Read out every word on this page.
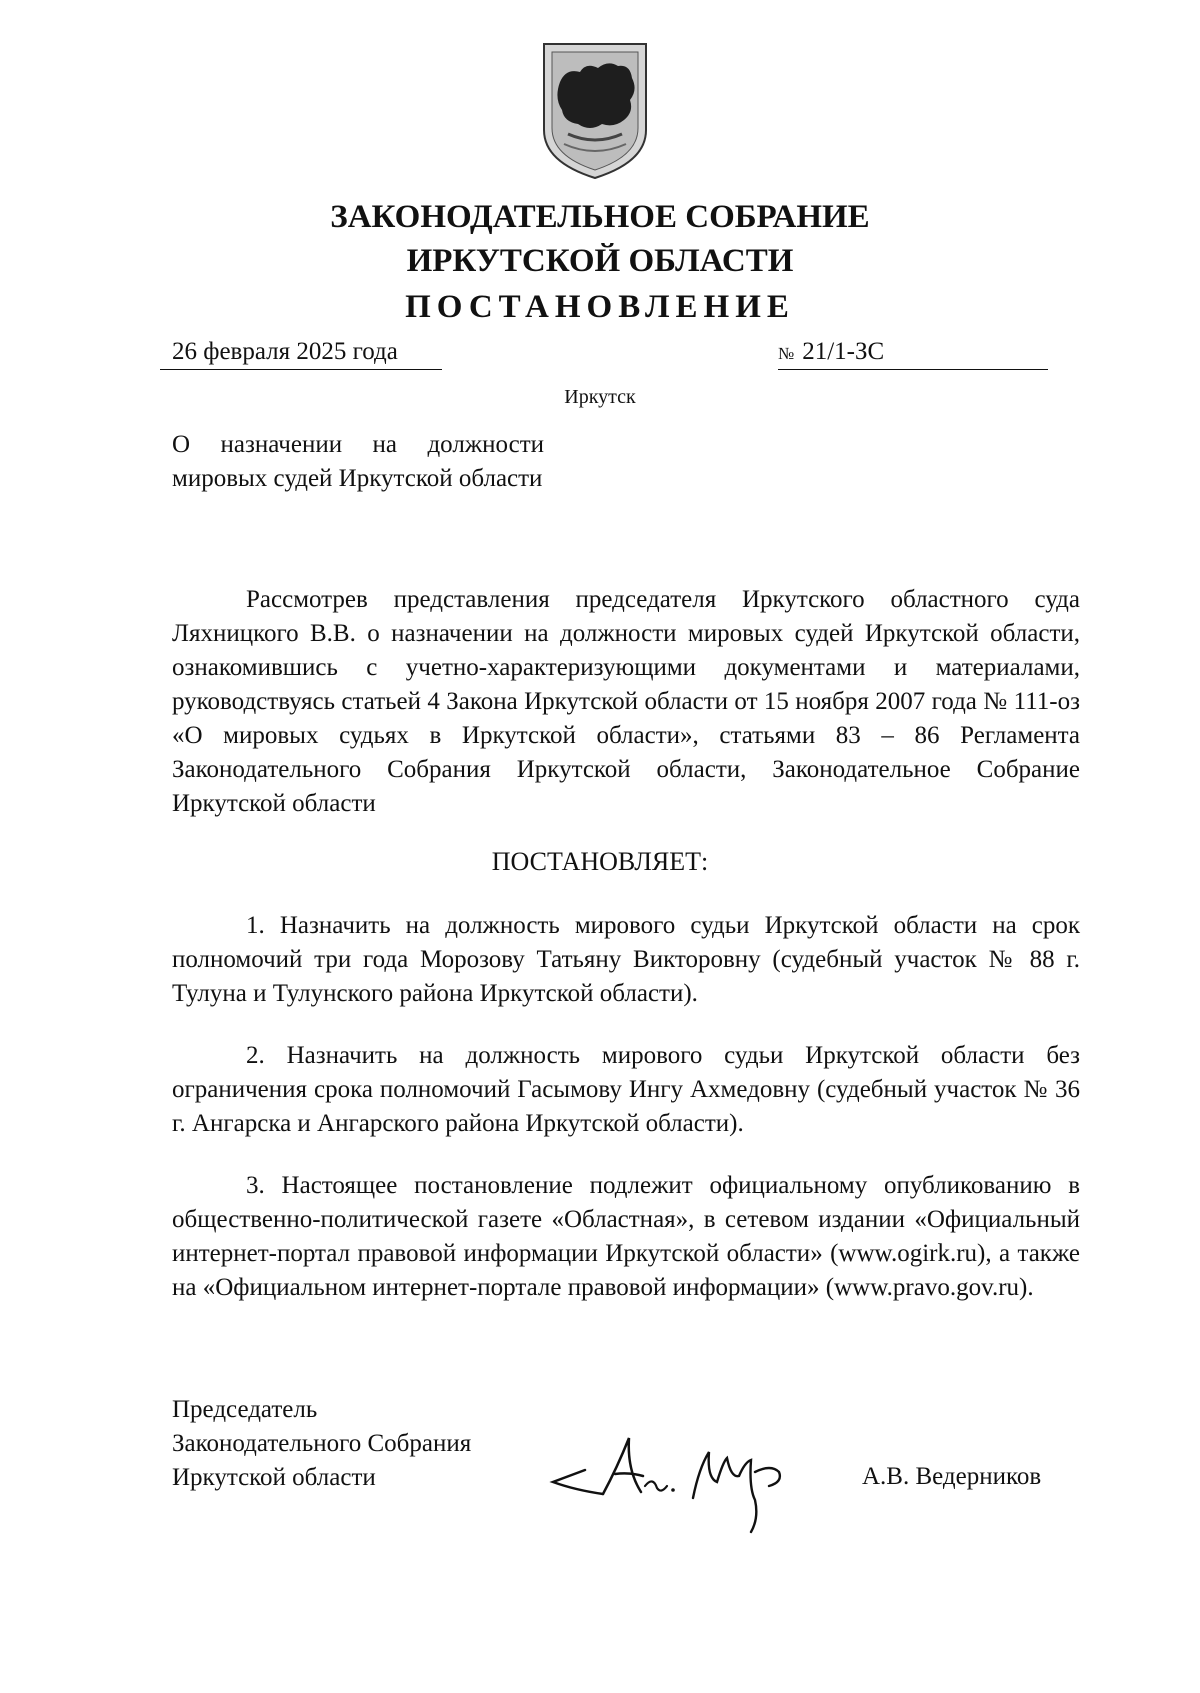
ЗАКОНОДАТЕЛЬНОЕ СОБРАНИЕ
ИРКУТСКОЙ ОБЛАСТИ
ПОСТАНОВЛЕНИЕ
26 февраля 2025 года	№ 21/1-ЗС
Иркутск
О назначении на должности мировых судей Иркутской области
Рассмотрев представления председателя Иркутского областного суда Ляхницкого В.В. о назначении на должности мировых судей Иркутской области, ознакомившись с учетно-характеризующими документами и материалами, руководствуясь статьей 4 Закона Иркутской области от 15 ноября 2007 года № 111-оз «О мировых судьях в Иркутской области», статьями 83 – 86 Регламента Законодательного Собрания Иркутской области, Законодательное Собрание Иркутской области
ПОСТАНОВЛЯЕТ:
1. Назначить на должность мирового судьи Иркутской области на срок полномочий три года Морозову Татьяну Викторовну (судебный участок № 88 г. Тулуна и Тулунского района Иркутской области).
2. Назначить на должность мирового судьи Иркутской области без ограничения срока полномочий Гасымову Ингу Ахмедовну (судебный участок № 36 г. Ангарска и Ангарского района Иркутской области).
3. Настоящее постановление подлежит официальному опубликованию в общественно-политической газете «Областная», в сетевом издании «Официальный интернет-портал правовой информации Иркутской области» (www.ogirk.ru), а также на «Официальном интернет-портале правовой информации» (www.pravo.gov.ru).
Председатель
Законодательного Собрания
Иркутской области	А.В. Ведерников
